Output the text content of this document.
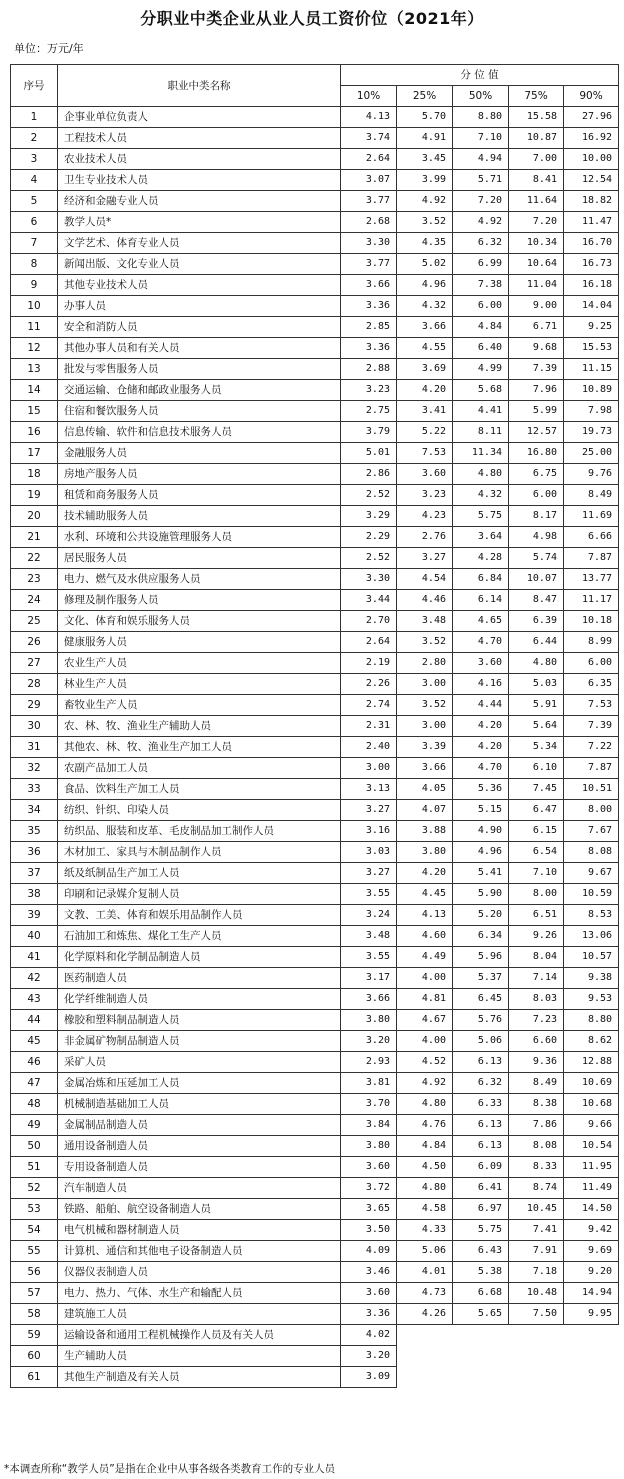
分职业中类企业从业人员工资价位（2021年）
单位：万元/年
序号	职业中类名称	分 位 值				
		10%	25%	50%	75%	90%
1	企事业单位负责人	4.13	5.70	8.80	15.58	27.96
2	工程技术人员	3.74	4.91	7.10	10.87	16.92
3	农业技术人员	2.64	3.45	4.94	7.00	10.00
4	卫生专业技术人员	3.07	3.99	5.71	8.41	12.54
5	经济和金融专业人员	3.77	4.92	7.20	11.64	18.82
6	教学人员*	2.68	3.52	4.92	7.20	11.47
7	文学艺术、体育专业人员	3.30	4.35	6.32	10.34	16.70
8	新闻出版、文化专业人员	3.77	5.02	6.99	10.64	16.73
9	其他专业技术人员	3.66	4.96	7.38	11.04	16.18
10	办事人员	3.36	4.32	6.00	9.00	14.04
11	安全和消防人员	2.85	3.66	4.84	6.71	9.25
12	其他办事人员和有关人员	3.36	4.55	6.40	9.68	15.53
13	批发与零售服务人员	2.88	3.69	4.99	7.39	11.15
14	交通运输、仓储和邮政业服务人员	3.23	4.20	5.68	7.96	10.89
15	住宿和餐饮服务人员	2.75	3.41	4.41	5.99	7.98
16	信息传输、软件和信息技术服务人员	3.79	5.22	8.11	12.57	19.73
17	金融服务人员	5.01	7.53	11.34	16.80	25.00
18	房地产服务人员	2.86	3.60	4.80	6.75	9.76
19	租赁和商务服务人员	2.52	3.23	4.32	6.00	8.49
20	技术辅助服务人员	3.29	4.23	5.75	8.17	11.69
21	水利、环境和公共设施管理服务人员	2.29	2.76	3.64	4.98	6.66
22	居民服务人员	2.52	3.27	4.28	5.74	7.87
23	电力、燃气及水供应服务人员	3.30	4.54	6.84	10.07	13.77
24	修理及制作服务人员	3.44	4.46	6.14	8.47	11.17
25	文化、体育和娱乐服务人员	2.70	3.48	4.65	6.39	10.18
26	健康服务人员	2.64	3.52	4.70	6.44	8.99
27	农业生产人员	2.19	2.80	3.60	4.80	6.00
28	林业生产人员	2.26	3.00	4.16	5.03	6.35
29	畜牧业生产人员	2.74	3.52	4.44	5.91	7.53
30	农、林、牧、渔业生产辅助人员	2.31	3.00	4.20	5.64	7.39
31	其他农、林、牧、渔业生产加工人员	2.40	3.39	4.20	5.34	7.22
32	农副产品加工人员	3.00	3.66	4.70	6.10	7.87
33	食品、饮料生产加工人员	3.13	4.05	5.36	7.45	10.51
34	纺织、针织、印染人员	3.27	4.07	5.15	6.47	8.00
35	纺织品、服装和皮革、毛皮制品加工制作人员	3.16	3.88	4.90	6.15	7.67
36	木材加工、家具与木制品制作人员	3.03	3.80	4.96	6.54	8.08
37	纸及纸制品生产加工人员	3.27	4.20	5.41	7.10	9.67
38	印刷和记录媒介复制人员	3.55	4.45	5.90	8.00	10.59
39	文教、工美、体育和娱乐用品制作人员	3.24	4.13	5.20	6.51	8.53
40	石油加工和炼焦、煤化工生产人员	3.48	4.60	6.34	9.26	13.06
41	化学原料和化学制品制造人员	3.55	4.49	5.96	8.04	10.57
42	医药制造人员	3.17	4.00	5.37	7.14	9.38
43	化学纤维制造人员	3.66	4.81	6.45	8.03	9.53
44	橡胶和塑料制品制造人员	3.80	4.67	5.76	7.23	8.80
45	非金属矿物制品制造人员	3.20	4.00	5.06	6.60	8.62
46	采矿人员	2.93	4.52	6.13	9.36	12.88
47	金属冶炼和压延加工人员	3.81	4.92	6.32	8.49	10.69
48	机械制造基础加工人员	3.70	4.80	6.33	8.38	10.68
49	金属制品制造人员	3.84	4.76	6.13	7.86	9.66
50	通用设备制造人员	3.80	4.84	6.13	8.08	10.54
51	专用设备制造人员	3.60	4.50	6.09	8.33	11.95
52	汽车制造人员	3.72	4.80	6.41	8.74	11.49
53	铁路、船舶、航空设备制造人员	3.65	4.58	6.97	10.45	14.50
54	电气机械和器材制造人员	3.50	4.33	5.75	7.41	9.42
55	计算机、通信和其他电子设备制造人员	4.09	5.06	6.43	7.91	9.69
56	仪器仪表制造人员	3.46	4.01	5.38	7.18	9.20
57	电力、热力、气体、水生产和输配人员	3.60	4.73	6.68	10.48	14.94
58	建筑施工人员	3.36	4.26	5.65	7.50	9.95
59	运输设备和通用工程机械操作人员及有关人员	4.02				
60	生产辅助人员	3.20				
61	其他生产制造及有关人员	3.09				
*本调查所称“教学人员”是指在企业中从事各级各类教育工作的专业人员
